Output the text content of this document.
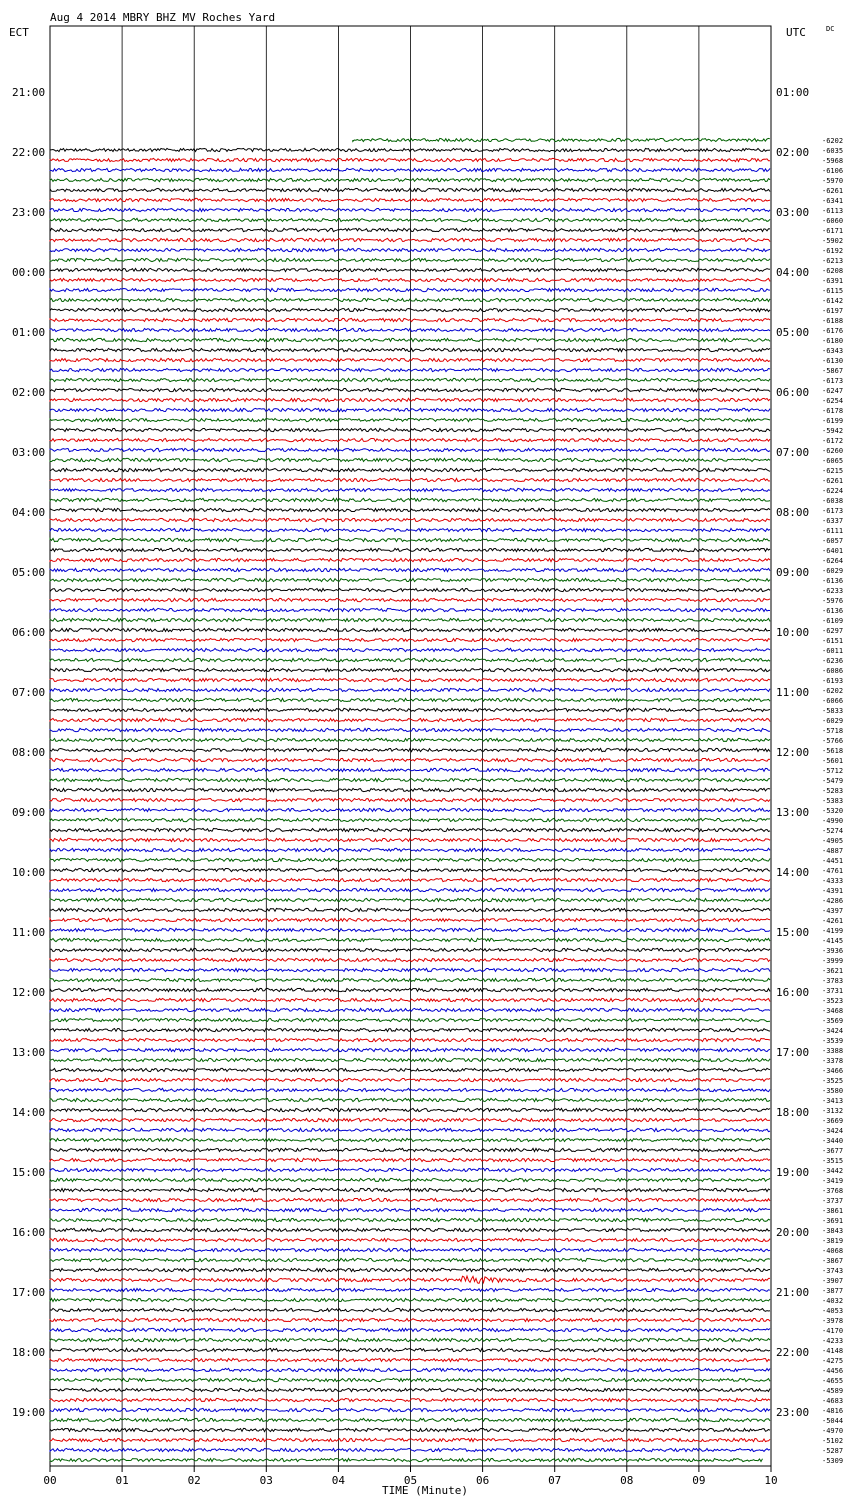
Aug 4 2014 MBRY BHZ MV Roches Yard
ECT	UTC	DC
21:00	01:00
22:00	02:00
23:00	03:00
00:00	04:00
01:00	05:00
02:00	06:00
03:00	07:00
04:00	08:00
05:00	09:00
06:00	10:00
07:00	11:00
08:00	12:00
09:00	13:00
10:00	14:00
11:00	15:00
12:00	16:00
13:00	17:00
14:00	18:00
15:00	19:00
16:00	20:00
17:00	21:00
18:00	22:00
19:00	23:00
-6202
-6035
-5968
-6106
-5970
-6261
-6341
-6113
-6060
-6171
-5902
-6192
-6213
-6208
-6391
-6115
-6142
-6197
-6188
-6176
-6180
-6343
-6130
-5867
-6173
-6247
-6254
-6178
-6199
-5942
-6172
-6260
-6065
-6215
-6261
-6224
-6038
-6173
-6337
-6111
-6057
-6401
-6264
-6029
-6136
-6233
-5976
-6136
-6109
-6297
-6151
-6011
-6236
-6086
-6193
-6202
-6066
-5833
-6029
-5718
-5766
-5618
-5601
-5712
-5479
-5283
-5383
-5320
-4990
-5274
-4905
-4887
-4451
-4761
-4333
-4391
-4286
-4397
-4261
-4199
-4145
-3936
-3999
-3621
-3783
-3731
-3523
-3468
-3569
-3424
-3539
-3388
-3378
-3466
-3525
-3580
-3413
-3132
-3669
-3424
-3440
-3677
-3515
-3442
-3419
-3768
-3737
-3861
-3691
-3843
-3819
-4068
-3867
-3743
-3907
-3877
-4032
-4053
-3978
-4170
-4233
-4148
-4275
-4456
-4655
-4589
-4683
-4816
-5044
-4970
-5102
-5287
-5309
00	01	02	03	04	05	06	07	08	09	10
TIME (Minute)
